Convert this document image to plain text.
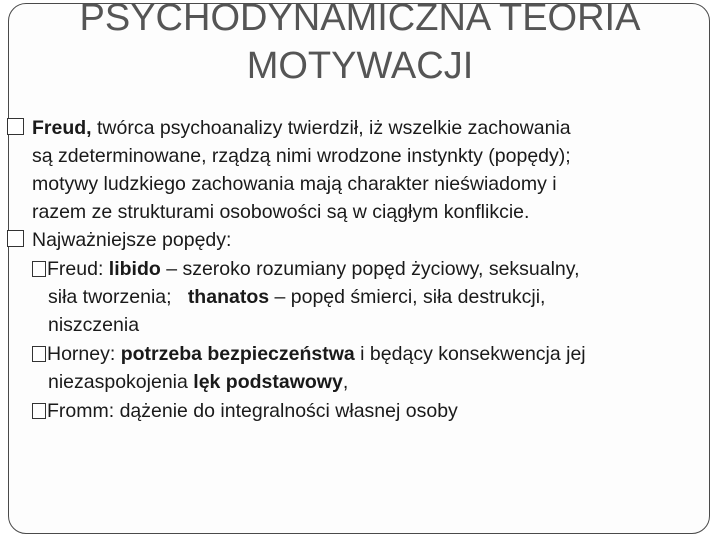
PSYCHODYNAMICZNA TEORIA
MOTYWACJI
Freud, twórca psychoanalizy twierdził, iż wszelkie zachowania
są zdeterminowane, rządzą nimi wrodzone instynkty (popędy);
motywy ludzkiego zachowania mają charakter nieświadomy i
razem ze strukturami osobowości są w ciągłym konflikcie.
Najważniejsze popędy:
Freud: libido – szeroko rozumiany popęd życiowy, seksualny,
siła tworzenia;   thanatos – popęd śmierci, siła destrukcji,
niszczenia
Horney: potrzeba bezpieczeństwa i będący konsekwencja jej
niezaspokojenia lęk podstawowy,
Fromm: dążenie do integralności własnej osoby
